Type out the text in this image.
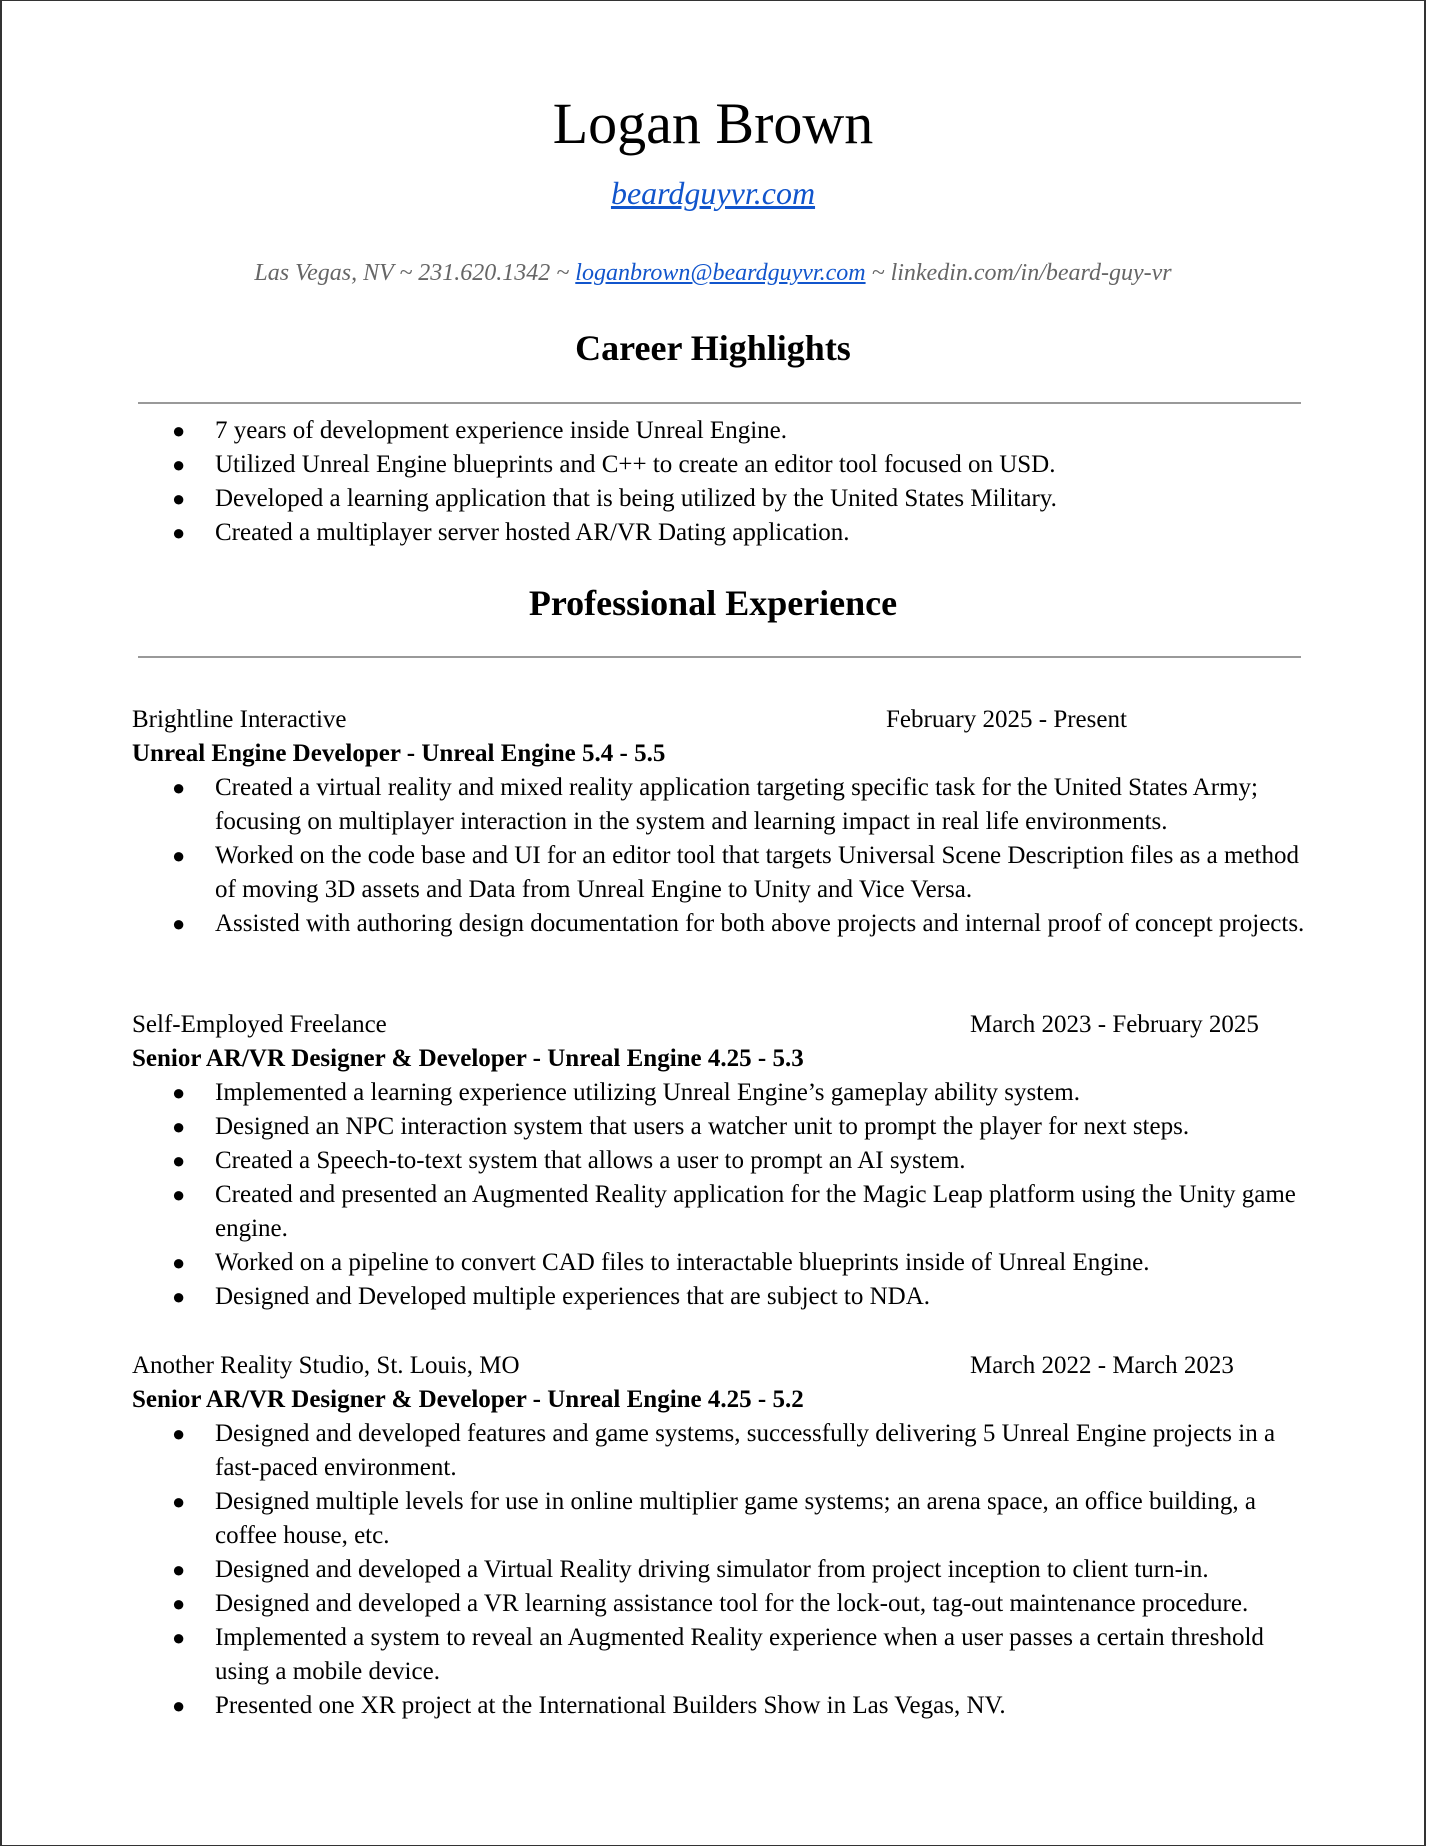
Logan Brown
beardguyvr.com
Las Vegas, NV ~ 231.620.1342 ~ loganbrown@beardguyvr.com ~ linkedin.com/in/beard-guy-vr
Career Highlights
● 7 years of development experience inside Unreal Engine.
● Utilized Unreal Engine blueprints and C++ to create an editor tool focused on USD.
● Developed a learning application that is being utilized by the United States Military.
● Created a multiplayer server hosted AR/VR Dating application.
Professional Experience
Brightline Interactive	February 2025 - Present
Unreal Engine Developer - Unreal Engine 5.4 - 5.5
● Created a virtual reality and mixed reality application targeting specific task for the United States Army; focusing on multiplayer interaction in the system and learning impact in real life environments.
● Worked on the code base and UI for an editor tool that targets Universal Scene Description files as a method of moving 3D assets and Data from Unreal Engine to Unity and Vice Versa.
● Assisted with authoring design documentation for both above projects and internal proof of concept projects.
Self-Employed Freelance	March 2023 - February 2025
Senior AR/VR Designer & Developer - Unreal Engine 4.25 - 5.3
● Implemented a learning experience utilizing Unreal Engine’s gameplay ability system.
● Designed an NPC interaction system that users a watcher unit to prompt the player for next steps.
● Created a Speech-to-text system that allows a user to prompt an AI system.
● Created and presented an Augmented Reality application for the Magic Leap platform using the Unity game engine.
● Worked on a pipeline to convert CAD files to interactable blueprints inside of Unreal Engine.
● Designed and Developed multiple experiences that are subject to NDA.
Another Reality Studio, St. Louis, MO	March 2022 - March 2023
Senior AR/VR Designer & Developer - Unreal Engine 4.25 - 5.2
● Designed and developed features and game systems, successfully delivering 5 Unreal Engine projects in a fast-paced environment.
● Designed multiple levels for use in online multiplier game systems; an arena space, an office building, a coffee house, etc.
● Designed and developed a Virtual Reality driving simulator from project inception to client turn-in.
● Designed and developed a VR learning assistance tool for the lock-out, tag-out maintenance procedure.
● Implemented a system to reveal an Augmented Reality experience when a user passes a certain threshold using a mobile device.
● Presented one XR project at the International Builders Show in Las Vegas, NV.
